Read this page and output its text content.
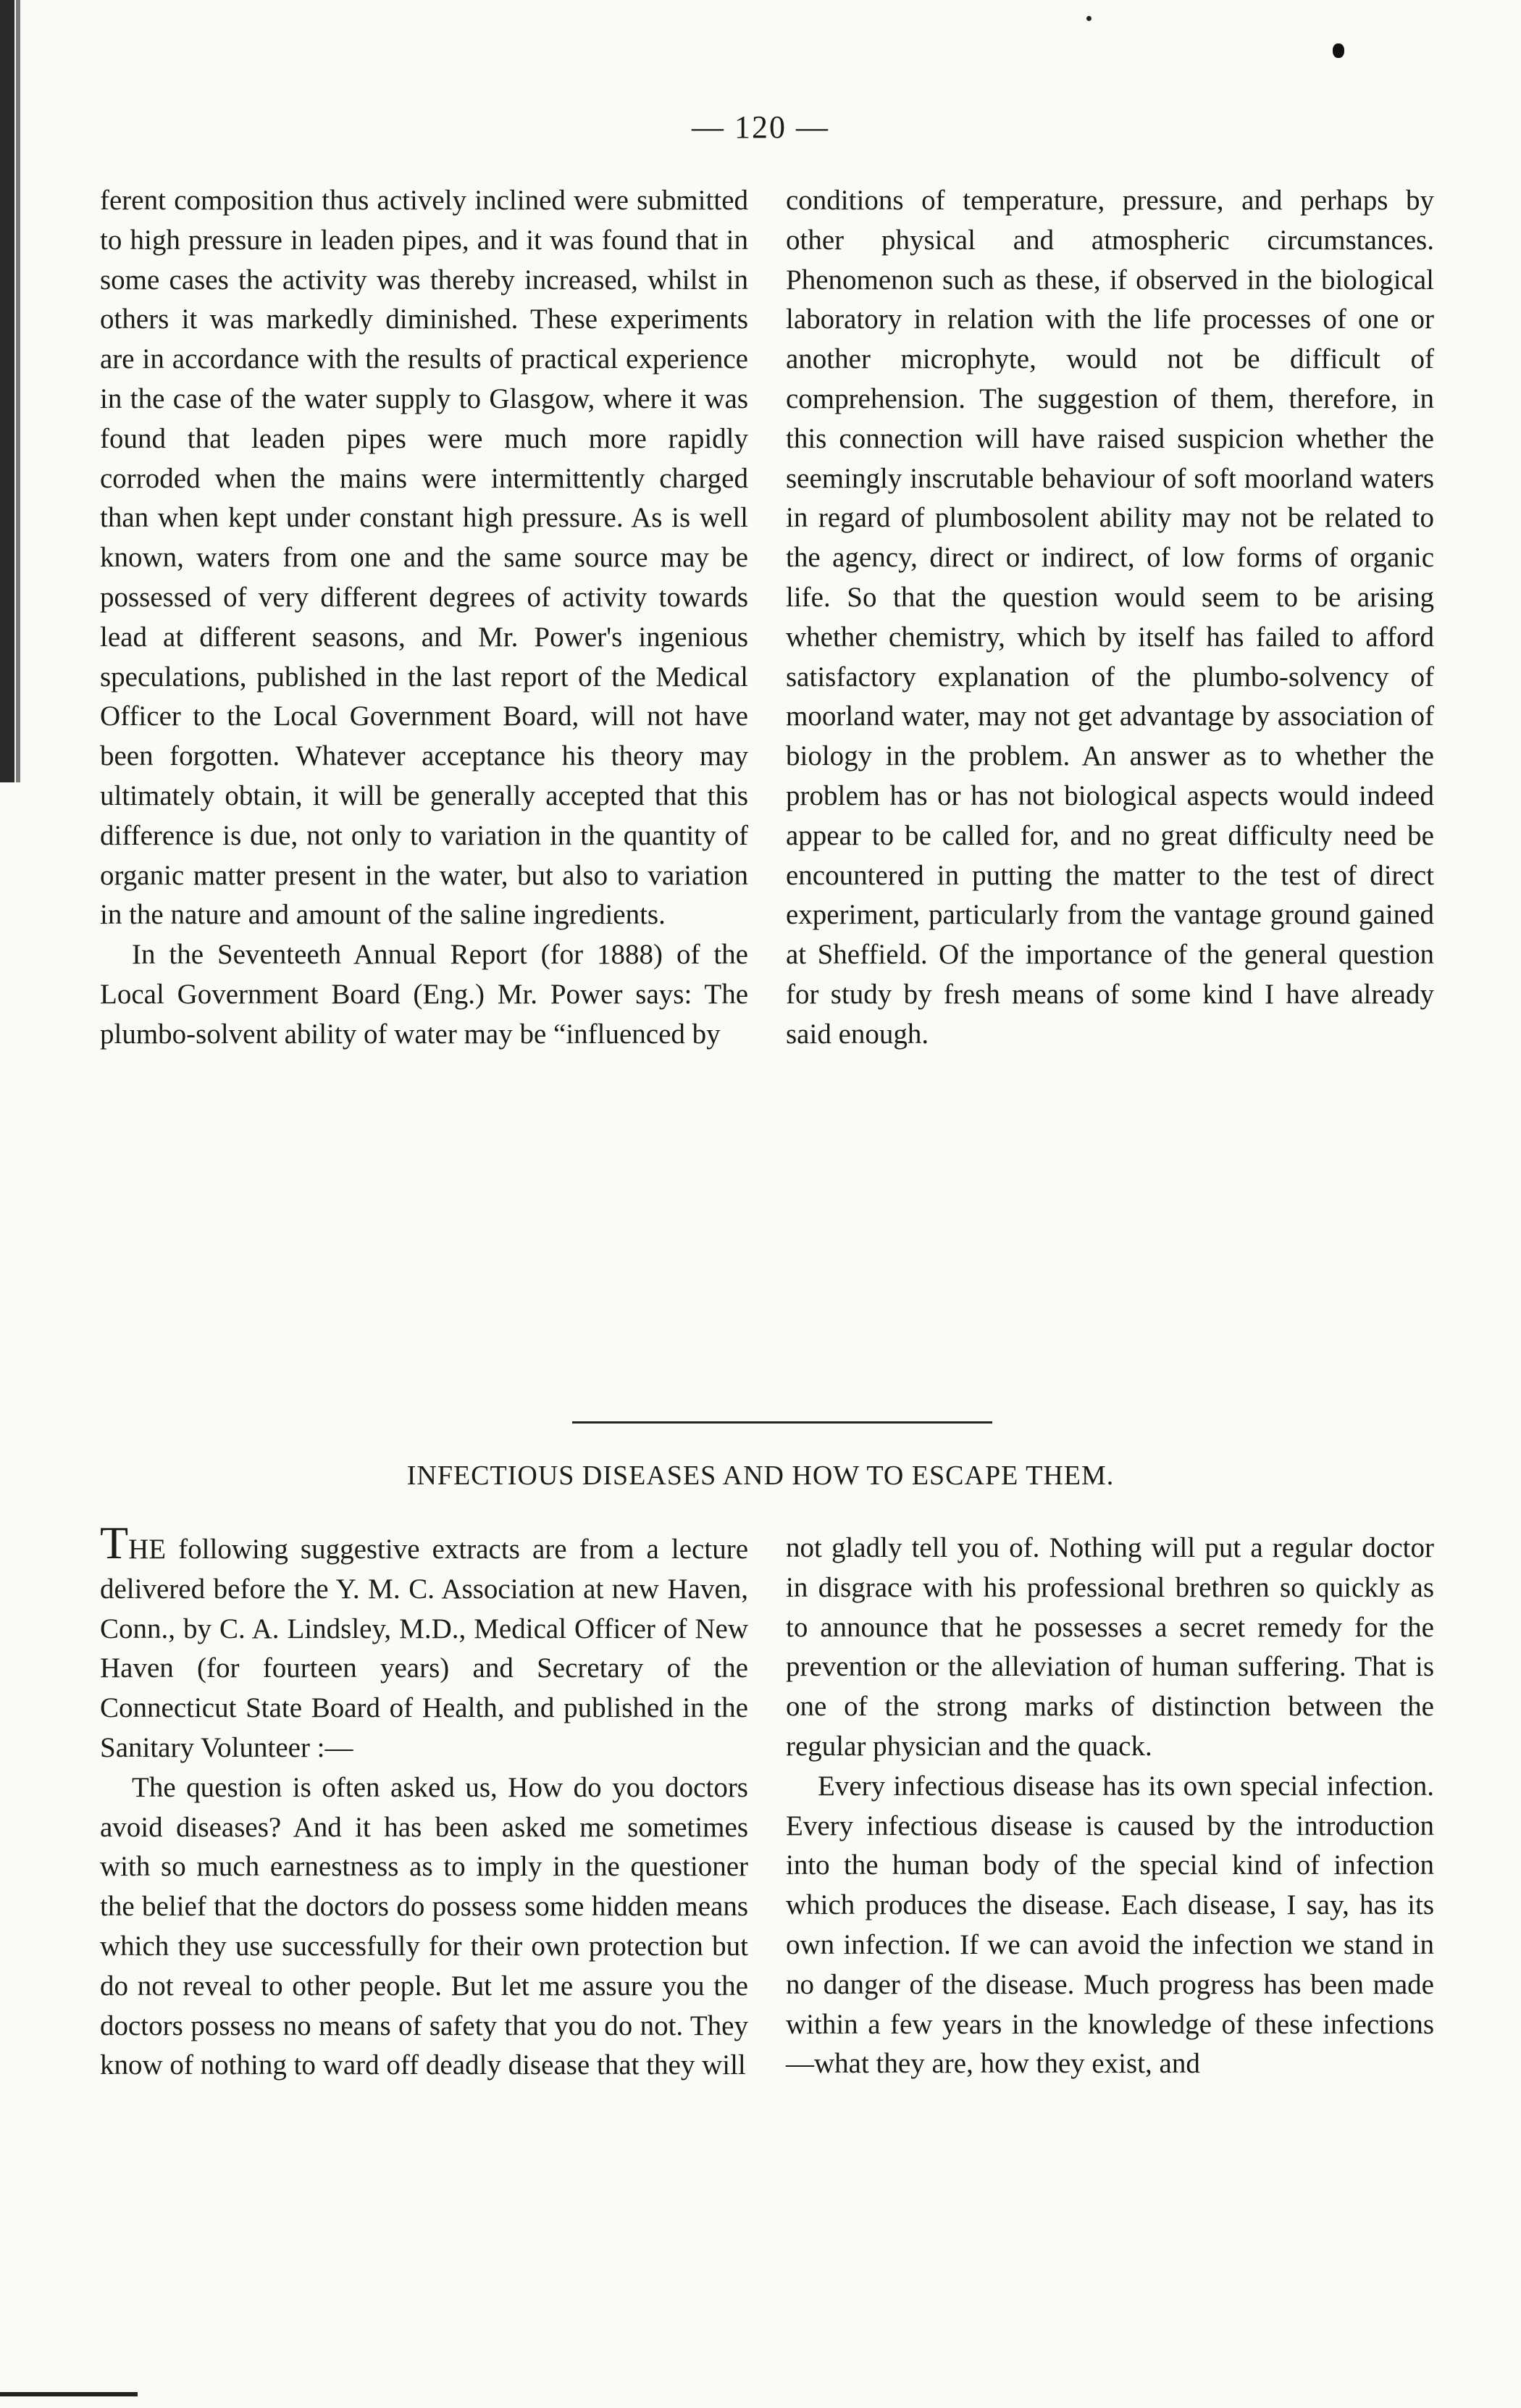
— 120 —

ferent composition thus actively inclined were submitted to high pressure in leaden pipes, and it was found that in some cases the activity was thereby increased, whilst in others it was markedly diminished. These experiments are in accordance with the results of practical experience in the case of the water supply to Glasgow, where it was found that leaden pipes were much more rapidly corroded when the mains were intermittently charged than when kept under constant high pressure. As is well known, waters from one and the same source may be possessed of very different degrees of activity towards lead at different seasons, and Mr. Power's ingenious speculations, published in the last report of the Medical Officer to the Local Government Board, will not have been forgotten. Whatever acceptance his theory may ultimately obtain, it will be generally accepted that this difference is due, not only to variation in the quantity of organic matter present in the water, but also to variation in the nature and amount of the saline ingredients.

In the Seventeeth Annual Report (for 1888) of the Local Government Board (Eng.) Mr. Power says: The plumbo-solvent ability of water may be “influenced by

conditions of temperature, pressure, and perhaps by other physical and atmospheric circumstances. Phenomenon such as these, if observed in the biological laboratory in relation with the life processes of one or another microphyte, would not be difficult of comprehension. The suggestion of them, therefore, in this connection will have raised suspicion whether the seemingly inscrutable behaviour of soft moorland waters in regard of plumbosolent ability may not be related to the agency, direct or indirect, of low forms of organic life. So that the question would seem to be arising whether chemistry, which by itself has failed to afford satisfactory explanation of the plumbo-solvency of moorland water, may not get advantage by association of biology in the problem. An answer as to whether the problem has or has not biological aspects would indeed appear to be called for, and no great difficulty need be encountered in putting the matter to the test of direct experiment, particularly from the vantage ground gained at Sheffield. Of the importance of the general question for study by fresh means of some kind I have already said enough.

INFECTIOUS DISEASES AND HOW TO ESCAPE THEM.

THE following suggestive extracts are from a lecture delivered before the Y. M. C. Association at new Haven, Conn., by C. A. Lindsley, M.D., Medical Officer of New Haven (for fourteen years) and Secretary of the Connecticut State Board of Health, and published in the Sanitary Volunteer :—

The question is often asked us, How do you doctors avoid diseases? And it has been asked me sometimes with so much earnestness as to imply in the questioner the belief that the doctors do possess some hidden means which they use successfully for their own protection but do not reveal to other people. But let me assure you the doctors possess no means of safety that you do not. They know of nothing to ward off deadly disease that they will

not gladly tell you of. Nothing will put a regular doctor in disgrace with his professional brethren so quickly as to announce that he possesses a secret remedy for the prevention or the alleviation of human suffering. That is one of the strong marks of distinction between the regular physician and the quack.

Every infectious disease has its own special infection. Every infectious disease is caused by the introduction into the human body of the special kind of infection which produces the disease. Each disease, I say, has its own infection. If we can avoid the infection we stand in no danger of the disease. Much progress has been made within a few years in the knowledge of these infections—what they are, how they exist, and
